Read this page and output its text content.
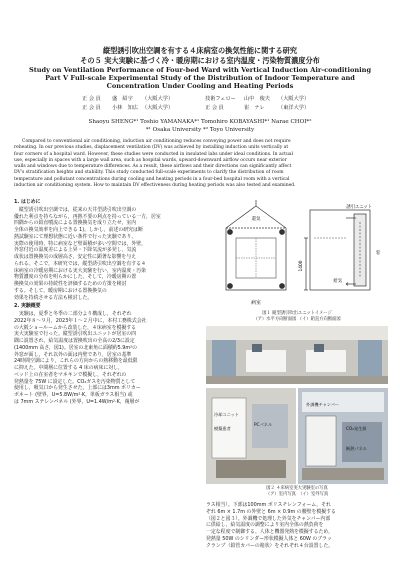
縦型誘引吹出空調を有する４床病室の換気性能に関する研究
その５ 実大実験に基づく冷・暖房期における室内温度・汚染物質濃度分布
Study on Ventilation Performance of Four-bed Ward with Vertical Induction Air-conditioning
Part Ⅴ Full-scale Experimental Study of the Distribution of Indoor Temperature and
Concentration Under Cooling and Heating Periods
正 会 員 盛　紹宇 （大阪大学）	技術フェロー 山中　俊夫 （大阪大学）
正 会 員 小林　知広 （大阪大学）	正 会 員	崔　ナレ	（東洋大学）
Shaoyu SHENG*¹ Toshio YAMANAKA*¹ Tomohiro KOBAYASHI*¹ Narae CHOI*²
*¹ Osaka University *² Toyo University
Compared to conventional air conditioning, induction air conditioning reduces conveying power and does not require
reheating. In our previous studies, displacement ventilation (DV) was achieved by installing induction units vertically at
four corners of a hospital ward. However, these studies were conducted in insulated labs under ideal conditions. In actual
use, especially in spaces with a large wall area, such as hospital wards, upward-downward airflow occurs near exterior
walls and windows due to temperature differences. As a result, these airflows and their directions can significantly affect
DV's stratification heights and stability. This study conducted full-scale experiments to clarify the distribution of room
temperature and pollutant concentrations during cooling and heating periods in a four-bed hospital room with a vertical
induction air conditioning system. How to maintain DV effectiveness during heating periods was also tested and examined.
1. はじめに

　縦型誘引吹出空調では，従来の天井型誘引吹出空調の

優れた利点を持ちながら，再熱不要の利点を持っている一方，居室

四隅からの鉛直噴流による置換換気を成り立たせ，室内

全体の換気効率を向上できる 1)。しかし，前述の研究は断

熱試験室にて理想状態に近い条件で行った実験であり，

実際の使用時，特に病室など壁面積が多い空間では，外壁，

外窓付近の温度差による上昇・下降気流が多発し，気流

成状は置換換気の成層高さ，安定性に顕著な影響を与え

られる。そこで，本研究では，縦型誘引吹出空調を有する４

床病室の冷暖房期における実大実験を行い，室内温度・汚染

物質濃度の分布を明らかにした。そして，冷暖房期の置

換換気の効果の持続性を評価するための方策を検討

する。そして，暖房期における置換換気の

効果を持続させる方法も検討した。

2. 実験概要

　実験は，夏季と冬季の二部分より構成し，それぞれ

2022年８～９月，2023年１～２月中に，本村工務株式会社

の大阪ショールームから改装した，４床病室を模擬する

実大実験室で行った。縦型誘引吹出ユニットが居室の四

隅に設置され，給気温度は置換吹出の全高の2/3に設定

(1400mm 高さ，図1)。居室の北東角に面積約5.9m²の

外窓が面し，それ以外の面は内壁であり，居室の基準

24時間空調により，これらの方向からの熱移動を最低限

に抑えた。中間層に位置する 4 床の病床に対し，

ベッド上の在室者をマネキンで模擬し，それぞれの

発熱量を 75W に設定した。CO₂ガスを汚染物質として

使用し，吸気口から発生させた。上部には3mm ポリカー

ボネート (壁界，U=5.8W/m²·K，単板ガラス相当) 或

は 7mm ステレンパネル (外界，U=1.4W/m²·K，複層が

病室
還気
1400
誘引ユニット
給気
窓
図１ 縦型誘引吹出ユニットイメージ
（ア）水平方向断面図 （イ）鉛直方向断面図
冷却ユニット
模擬患者
PCパネル
CO₂発生源
外調機チャンバー
断熱パネル
図２ ４床病室実大実験室の写真
（ア）室内写真　（イ）室外写真

ラス相当）。下部は100mm ポリスチレンフォーム，それ

ぞれ 6m × 1.7m の外壁と 6m × 0.9m の腰壁を模擬する

（図２と図３）。外調機で処理した外気をチャンバー内部

に供給し，給気温度の調整により室内全体の熱負荷を

一定な程度で制御する。人体と機器発熱を模擬するため，

発熱量 50W のシリンダー形状模擬人体と 60W のブラッ

クランプ（鉛管カバーの箱状）をそれぞれ４台設置した。
